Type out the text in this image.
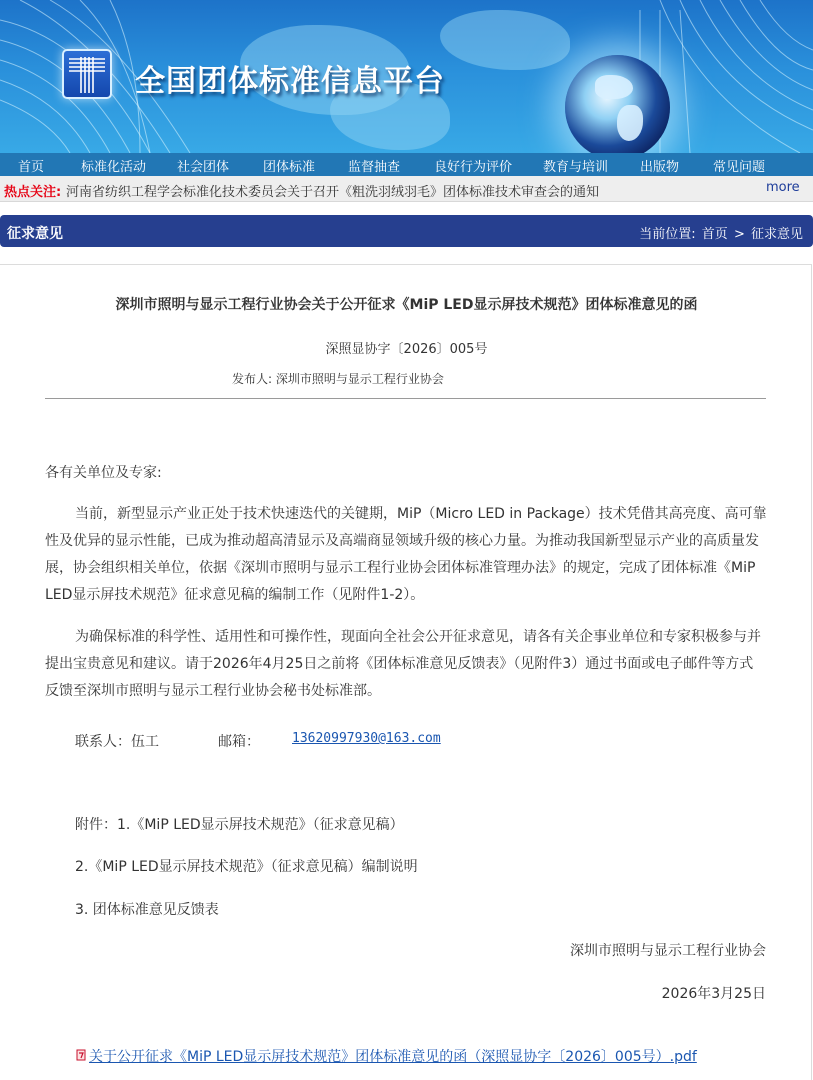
全国团体标准信息平台
首页	标准化活动 社会团体	团体标准	监督抽查	良好行为评价 教育与培训 出版物	常见问题
热点关注: 河南省纺织工程学会标准化技术委员会关于召开《粗洗羽绒羽毛》团体标准技术审查会的通知	more
征求意见	当前位置: 首页 > 征求意见
深圳市照明与显示工程行业协会关于公开征求《MiP LED显示屏技术规范》团体标准意见的函
深照显协字〔2026〕005号
发布人: 深圳市照明与显示工程行业协会
各有关单位及专家:
当前，新型显示产业正处于技术快速迭代的关键期，MiP（Micro LED in Package）技术凭借其高亮度、高可靠性及优异的显示性能，已成为推动超高清显示及高端商显领域升级的核心力量。为推动我国新型显示产业的高质量发展，协会组织相关单位，依据《深圳市照明与显示工程行业协会团体标准管理办法》的规定，完成了团体标准《MiP LED显示屏技术规范》征求意见稿的编制工作（见附件1-2）。
为确保标准的科学性、适用性和可操作性，现面向全社会公开征求意见，请各有关企事业单位和专家积极参与并提出宝贵意见和建议。请于2026年4月25日之前将《团体标准意见反馈表》（见附件3）通过书面或电子邮件等方式反馈至深圳市照明与显示工程行业协会秘书处标准部。
联系人：伍工	邮箱： 13620997930@163.com
附件：1.《MiP LED显示屏技术规范》（征求意见稿）
2.《MiP LED显示屏技术规范》（征求意见稿）编制说明
3. 团体标准意见反馈表
深圳市照明与显示工程行业协会
2026年3月25日
关于公开征求《MiP LED显示屏技术规范》团体标准意见的函（深照显协字〔2026〕005号）.pdf
